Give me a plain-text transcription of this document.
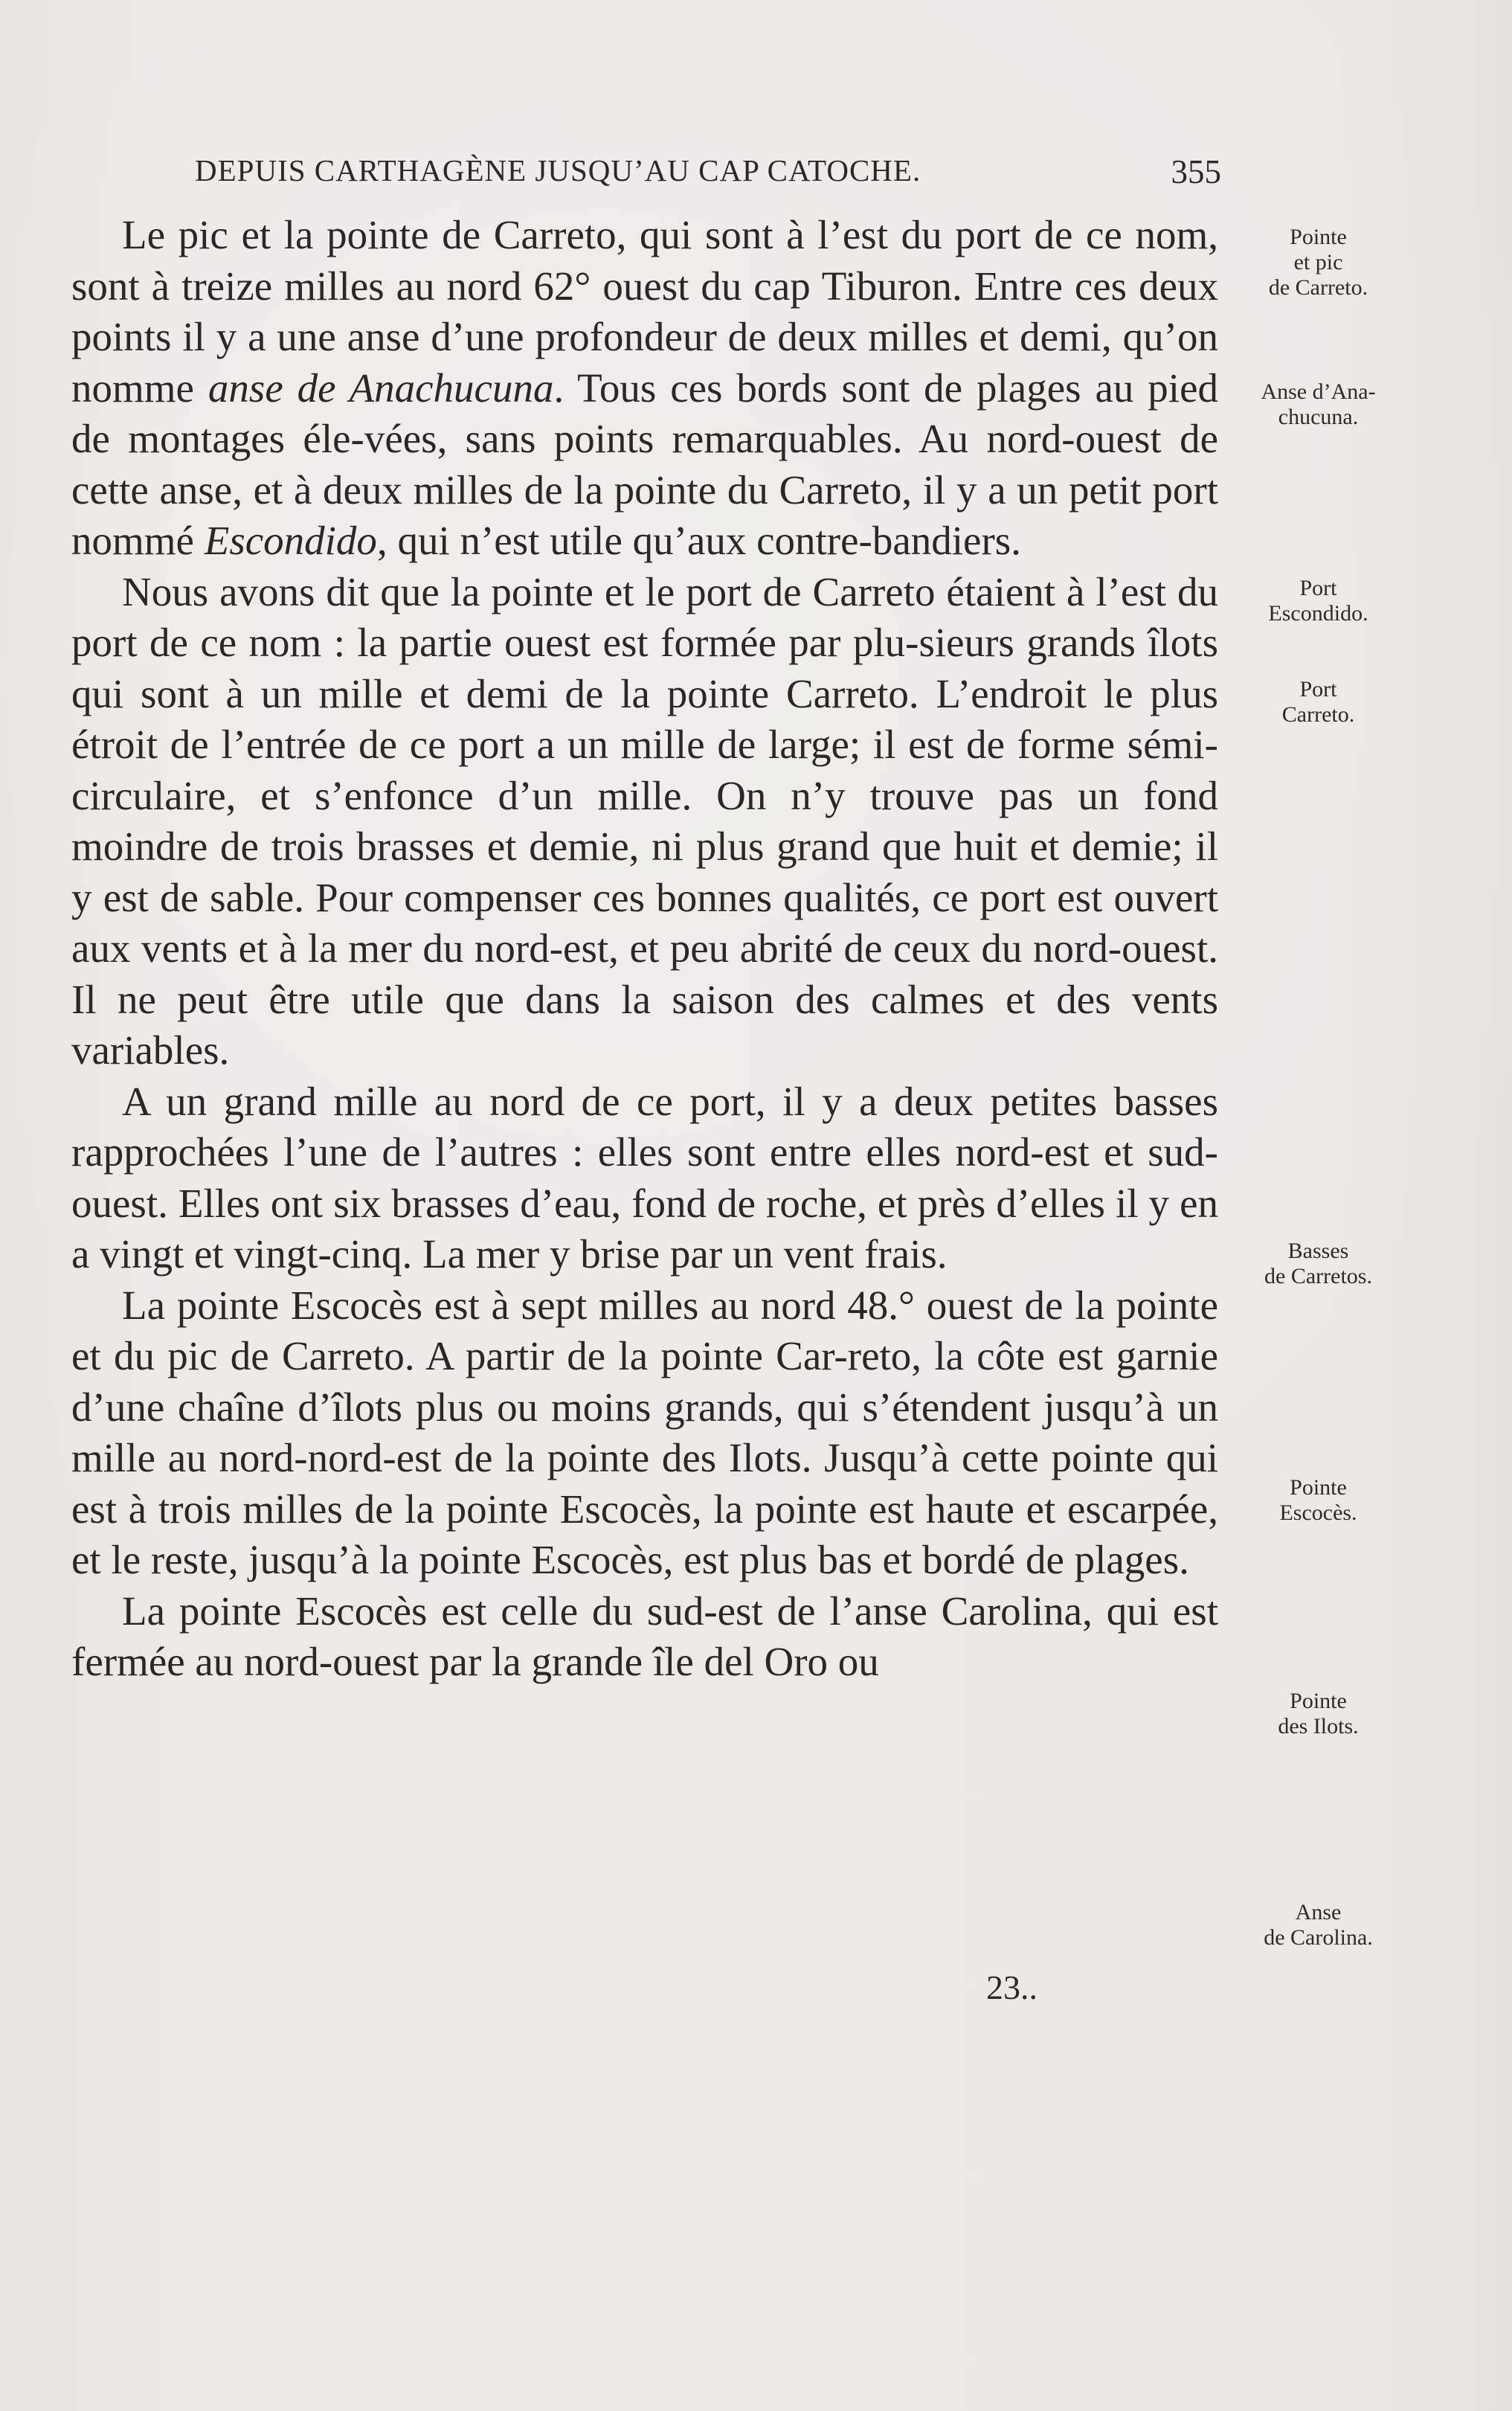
DEPUIS CARTHAGÈNE JUSQU’AU CAP CATOCHE.	355

Le pic et la pointe de Carreto, qui sont à l’est du port de ce nom, sont à treize milles au nord 62° ouest du cap Tiburon. Entre ces deux points il y a une anse d’une profondeur de deux milles et demi, qu’on nomme anse de Anachucuna. Tous ces bords sont de plages au pied de montages éle-vées, sans points remarquables. Au nord-ouest de cette anse, et à deux milles de la pointe du Carreto, il y a un petit port nommé Escondido, qui n’est utile qu’aux contre-bandiers.

Nous avons dit que la pointe et le port de Carreto étaient à l’est du port de ce nom : la partie ouest est formée par plu-sieurs grands îlots qui sont à un mille et demi de la pointe Carreto. L’endroit le plus étroit de l’entrée de ce port a un mille de large; il est de forme sémi-circulaire, et s’enfonce d’un mille. On n’y trouve pas un fond moindre de trois brasses et demie, ni plus grand que huit et demie; il y est de sable. Pour compenser ces bonnes qualités, ce port est ouvert aux vents et à la mer du nord-est, et peu abrité de ceux du nord-ouest. Il ne peut être utile que dans la saison des calmes et des vents variables.

A un grand mille au nord de ce port, il y a deux petites basses rapprochées l’une de l’autres : elles sont entre elles nord-est et sud-ouest. Elles ont six brasses d’eau, fond de roche, et près d’elles il y en a vingt et vingt-cinq. La mer y brise par un vent frais.

La pointe Escocès est à sept milles au nord 48.° ouest de la pointe et du pic de Carreto. A partir de la pointe Car-reto, la côte est garnie d’une chaîne d’îlots plus ou moins grands, qui s’étendent jusqu’à un mille au nord-nord-est de la pointe des Ilots. Jusqu’à cette pointe qui est à trois milles de la pointe Escocès, la pointe est haute et escarpée, et le reste, jusqu’à la pointe Escocès, est plus bas et bordé de plages.

La pointe Escocès est celle du sud-est de l’anse Carolina, qui est fermée au nord-ouest par la grande île del Oro ou

Pointe
et pic
de Carreto.
Anse d’Ana-
chucuna.
Port
Escondido.
Port
Carreto.
Basses
de Carretos.
Pointe
Escocès.
Pointe
des Ilots.
Anse
de Carolina.
23..
